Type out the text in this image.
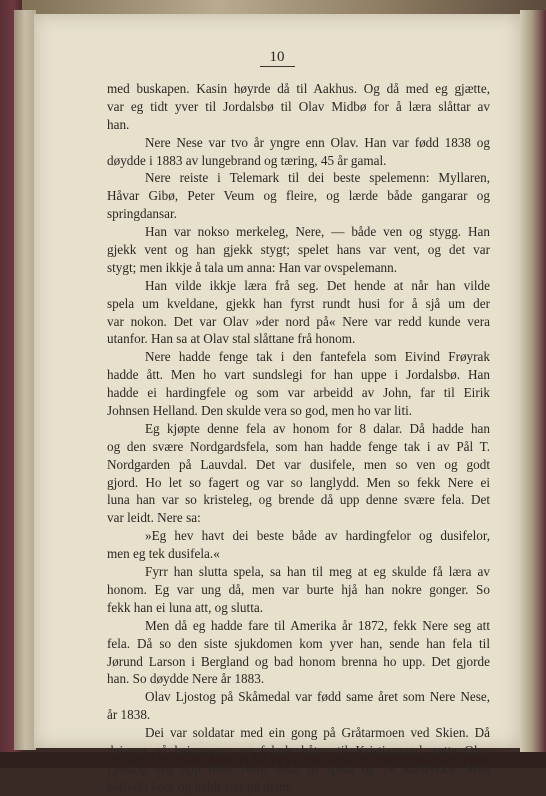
10
med buskapen. Kasin høyrde då til Aakhus. Og då med eg gjætte,
var eg tidt yver til Jordalsbø til Olav Midbø for å læra slåttar av
han.
Nere Nese var tvo år yngre enn Olav. Han var fødd 1838 og
døydde i 1883 av lungebrand og tæring, 45 år gamal.
Nere reiste i Telemark til dei beste spelemenn: Myllaren,
Håvar Gibø, Peter Veum og fleire, og lærde både gangarar og
springdansar.
Han var nokso merkeleg, Nere, — både ven og stygg. Han
gjekk vent og han gjekk stygt; spelet hans var vent, og det var
stygt; men ikkje å tala um anna: Han var ovspelemann.
Han vilde ikkje læra frå seg. Det hende at når han vilde
spela um kveldane, gjekk han fyrst rundt husi for å sjå um der
var nokon. Det var Olav »der nord på« Nere var redd kunde vera
utanfor. Han sa at Olav stal slåttane frå honom.
Nere hadde fenge tak i den fantefela som Eivind Frøyrak
hadde ått. Men ho vart sundslegi for han uppe i Jordalsbø. Han
hadde ei hardingfele og som var arbeidd av John, far til Eirik
Johnsen Helland. Den skulde vera so god, men ho var liti.
Eg kjøpte denne fela av honom for 8 dalar. Då hadde han
og den svære Nordgardsfela, som han hadde fenge tak i av Pål T.
Nordgarden på Lauvdal. Det var dusifele, men so ven og godt
gjord. Ho let so fagert og var so langlydd. Men so fekk Nere ei
luna han var so kristeleg, og brende då upp denne svære fela. Det
var leidt. Nere sa:
»Eg hev havt dei beste både av hardingfelor og dusifelor,
men eg tek dusifela.«
Fyrr han slutta spela, sa han til meg at eg skulde få læra av
honom. Eg var ung då, men var burte hjå han nokre gonger. So
fekk han ei luna att, og slutta.
Men då eg hadde fare til Amerika år 1872, fekk Nere seg att
fela. Då so den siste sjukdomen kom yver han, sende han fela til
Jørund Larson i Bergland og bad honom brenna ho upp. Det gjorde
han. So døydde Nere år 1883.
Olav Ljostog på Skåmedal var fødd same året som Nere Nese,
år 1838.
Dei var soldatar med ein gong på Gråtarmoen ved Skien. Då
dei var på heimvegen og fylgde båten til Kristiansand, sette Olav
Ljostog seg upp imot Nere både til spela og på karstykke. Men
båtfolki kom og heldt styr på deim.
